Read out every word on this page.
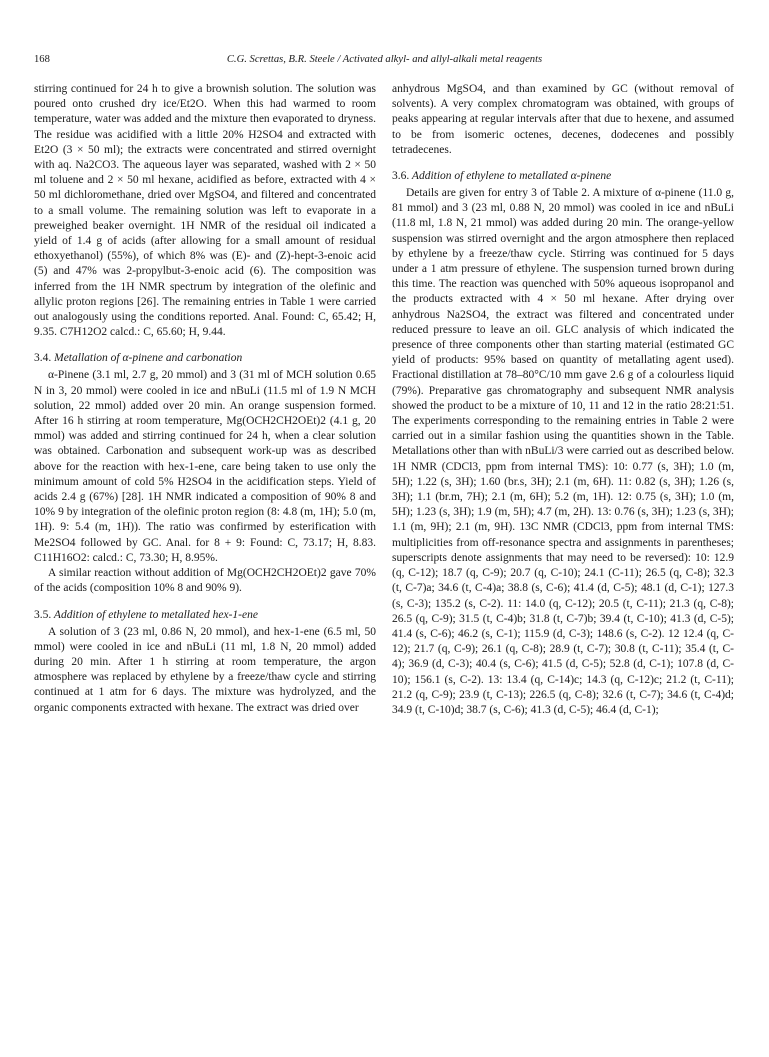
168	C.G. Screttas, B.R. Steele / Activated alkyl- and allyl-alkali metal reagents

stirring continued for 24 h to give a brownish solution. The solution was poured onto crushed dry ice/Et2O. When this had warmed to room temperature, water was added and the mixture then evaporated to dryness. The residue was acidified with a little 20% H2SO4 and extracted with Et2O (3 × 50 ml); the extracts were concentrated and stirred overnight with aq. Na2CO3. The aqueous layer was separated, washed with 2 × 50 ml toluene and 2 × 50 ml hexane, acidified as before, extracted with 4 × 50 ml dichloromethane, dried over MgSO4, and filtered and concentrated to a small volume. The remaining solution was left to evaporate in a preweighed beaker overnight. 1H NMR of the residual oil indicated a yield of 1.4 g of acids (after allowing for a small amount of residual ethoxyethanol) (55%), of which 8% was (E)- and (Z)-hept-3-enoic acid (5) and 47% was 2-propylbut-3-enoic acid (6). The composition was inferred from the 1H NMR spectrum by integration of the olefinic and allylic proton regions [26]. The remaining entries in Table 1 were carried out analogously using the conditions reported. Anal. Found: C, 65.42; H, 9.35. C7H12O2 calcd.: C, 65.60; H, 9.44.

3.4. Metallation of α-pinene and carbonation

α-Pinene (3.1 ml, 2.7 g, 20 mmol) and 3 (31 ml of MCH solution 0.65 N in 3, 20 mmol) were cooled in ice and nBuLi (11.5 ml of 1.9 N MCH solution, 22 mmol) added over 20 min. An orange suspension formed. After 16 h stirring at room temperature, Mg(OCH2CH2OEt)2 (4.1 g, 20 mmol) was added and stirring continued for 24 h, when a clear solution was obtained. Carbonation and subsequent work-up was as described above for the reaction with hex-1-ene, care being taken to use only the minimum amount of cold 5% H2SO4 in the acidification steps. Yield of acids 2.4 g (67%) [28]. 1H NMR indicated a composition of 90% 8 and 10% 9 by integration of the olefinic proton region (8: 4.8 (m, 1H); 5.0 (m, 1H). 9: 5.4 (m, 1H)). The ratio was confirmed by esterification with Me2SO4 followed by GC. Anal. for 8 + 9: Found: C, 73.17; H, 8.83. C11H16O2: calcd.: C, 73.30; H, 8.95%.

A similar reaction without addition of Mg(OCH2CH2OEt)2 gave 70% of the acids (composition 10% 8 and 90% 9).

3.5. Addition of ethylene to metallated hex-1-ene

A solution of 3 (23 ml, 0.86 N, 20 mmol), and hex-1-ene (6.5 ml, 50 mmol) were cooled in ice and nBuLi (11 ml, 1.8 N, 20 mmol) added during 20 min. After 1 h stirring at room temperature, the argon atmosphere was replaced by ethylene by a freeze/thaw cycle and stirring continued at 1 atm for 6 days. The mixture was hydrolyzed, and the organic components extracted with hexane. The extract was dried over

anhydrous MgSO4, and than examined by GC (without removal of solvents). A very complex chromatogram was obtained, with groups of peaks appearing at regular intervals after that due to hexene, and assumed to be from isomeric octenes, decenes, dodecenes and possibly tetradecenes.

3.6. Addition of ethylene to metallated α-pinene

Details are given for entry 3 of Table 2. A mixture of α-pinene (11.0 g, 81 mmol) and 3 (23 ml, 0.88 N, 20 mmol) was cooled in ice and nBuLi (11.8 ml, 1.8 N, 21 mmol) was added during 20 min. The orange-yellow suspension was stirred overnight and the argon atmosphere then replaced by ethylene by a freeze/thaw cycle. Stirring was continued for 5 days under a 1 atm pressure of ethylene. The suspension turned brown during this time. The reaction was quenched with 50% aqueous isopropanol and the products extracted with 4 × 50 ml hexane. After drying over anhydrous Na2SO4, the extract was filtered and concentrated under reduced pressure to leave an oil. GLC analysis of which indicated the presence of three components other than starting material (estimated GC yield of products: 95% based on quantity of metallating agent used). Fractional distillation at 78–80°C/10 mm gave 2.6 g of a colourless liquid (79%). Preparative gas chromatography and subsequent NMR analysis showed the product to be a mixture of 10, 11 and 12 in the ratio 28:21:51. The experiments corresponding to the remaining entries in Table 2 were carried out in a similar fashion using the quantities shown in the Table. Metallations other than with nBuLi/3 were carried out as described below. 1H NMR (CDCl3, ppm from internal TMS): 10: 0.77 (s, 3H); 1.0 (m, 5H); 1.22 (s, 3H); 1.60 (br.s, 3H); 2.1 (m, 6H). 11: 0.82 (s, 3H); 1.26 (s, 3H); 1.1 (br.m, 7H); 2.1 (m, 6H); 5.2 (m, 1H). 12: 0.75 (s, 3H); 1.0 (m, 5H); 1.23 (s, 3H); 1.9 (m, 5H); 4.7 (m, 2H). 13: 0.76 (s, 3H); 1.23 (s, 3H); 1.1 (m, 9H); 2.1 (m, 9H). 13C NMR (CDCl3, ppm from internal TMS: multiplicities from off-resonance spectra and assignments in parentheses; superscripts denote assignments that may need to be reversed): 10: 12.9 (q, C-12); 18.7 (q, C-9); 20.7 (q, C-10); 24.1 (C-11); 26.5 (q, C-8); 32.3 (t, C-7)a; 34.6 (t, C-4)a; 38.8 (s, C-6); 41.4 (d, C-5); 48.1 (d, C-1); 127.3 (s, C-3); 135.2 (s, C-2). 11: 14.0 (q, C-12); 20.5 (t, C-11); 21.3 (q, C-8); 26.5 (q, C-9); 31.5 (t, C-4)b; 31.8 (t, C-7)b; 39.4 (t, C-10); 41.3 (d, C-5); 41.4 (s, C-6); 46.2 (s, C-1); 115.9 (d, C-3); 148.6 (s, C-2). 12 12.4 (q, C-12); 21.7 (q, C-9); 26.1 (q, C-8); 28.9 (t, C-7); 30.8 (t, C-11); 35.4 (t, C-4); 36.9 (d, C-3); 40.4 (s, C-6); 41.5 (d, C-5); 52.8 (d, C-1); 107.8 (d, C-10); 156.1 (s, C-2). 13: 13.4 (q, C-14)c; 14.3 (q, C-12)c; 21.2 (t, C-11); 21.2 (q, C-9); 23.9 (t, C-13); 226.5 (q, C-8); 32.6 (t, C-7); 34.6 (t, C-4)d; 34.9 (t, C-10)d; 38.7 (s, C-6); 41.3 (d, C-5); 46.4 (d, C-1);
